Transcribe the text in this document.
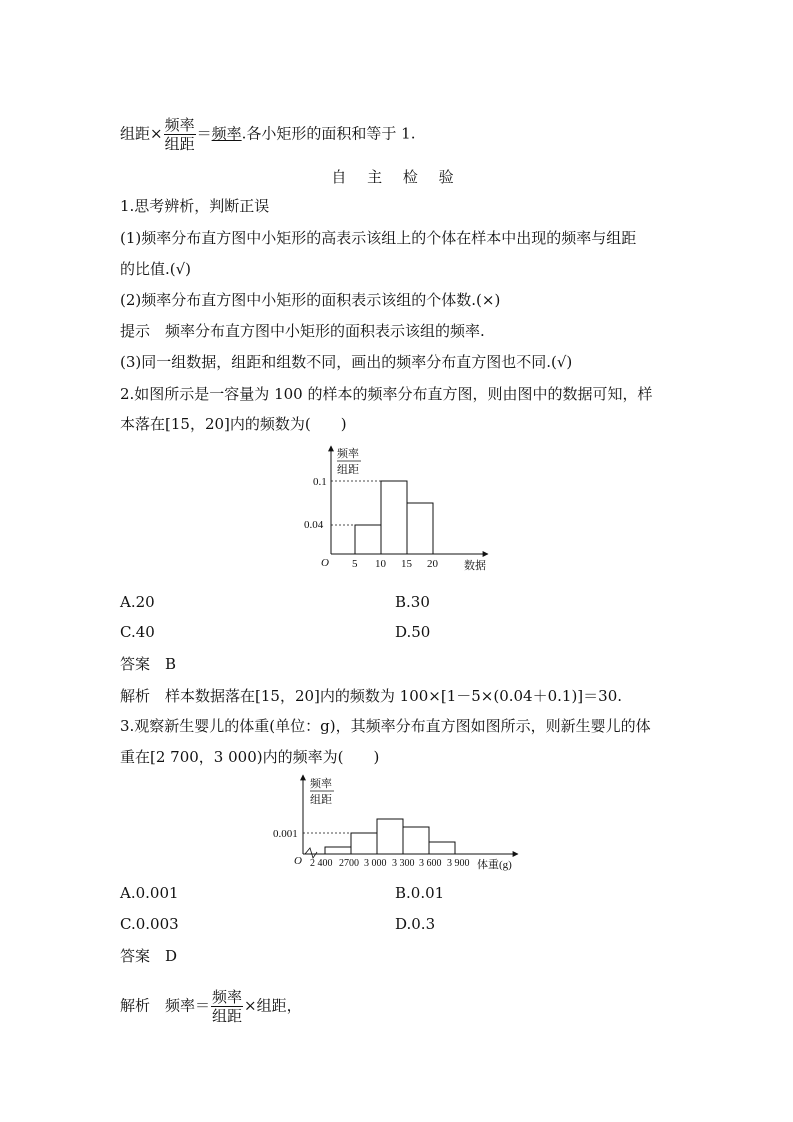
组距× $\frac{\text{频率}}{\text{组距}}$ ＝频率.各小矩形的面积和等于 1.
自 主 检 验
1.思考辨析，判断正误
(1)频率分布直方图中小矩形的高表示该组上的个体在样本中出现的频率与组距
的比值.(√)
(2)频率分布直方图中小矩形的面积表示该组的个体数.(×)
提示　频率分布直方图中小矩形的面积表示该组的频率.
(3)同一组数据，组距和组数不同，画出的频率分布直方图也不同.(√)
2.如图所示是一容量为 100 的样本的频率分布直方图，则由图中的数据可知，样
本落在[15，20]内的频数为(　　)
频率
组距
0.1
0.04
O 5 10 15 20 数据
A.20	B.30
C.40	D.50
答案　B
解析　样本数据落在[15，20]内的频数为 100×[1－5×(0.04＋0.1)]＝30.
3.观察新生婴儿的体重(单位：g)，其频率分布直方图如图所示，则新生婴儿的体
重在[2 700，3 000)内的频率为(　　)
频率
组距
0.001
O 2 400 2700 3 000 3 300 3 600 3 900 体重(g)
A.0.001	B.0.01
C.0.003	D.0.3
答案　D
解析　频率＝ $\frac{\text{频率}}{\text{组距}}$ ×组距，
